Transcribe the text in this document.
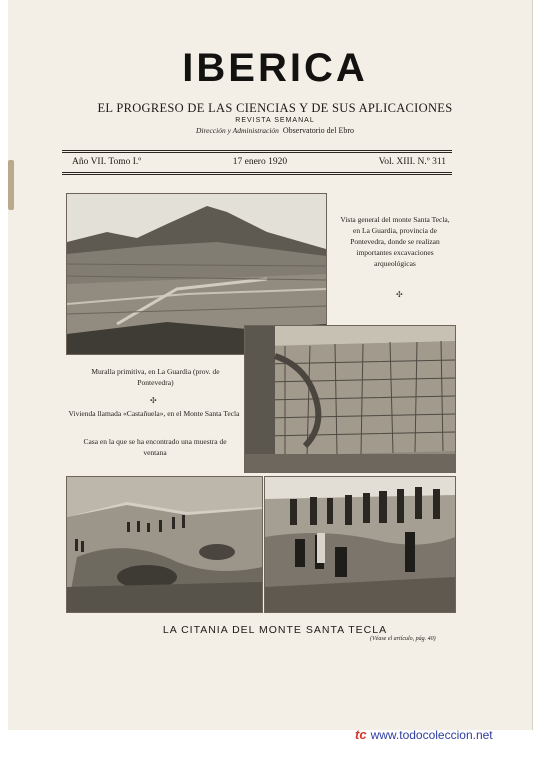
IBERICA
EL PROGRESO DE LAS CIENCIAS Y DE SUS APLICACIONES
REVISTA SEMANAL
Dirección y Administración Observatorio del Ebro
Año VII. Tomo I.º	17 enero 1920	Vol. XIII. N.º 311
Vista general del monte Santa Tecla, en La Guardia, provincia de Pontevedra, donde se realizan importantes excavaciones arqueológicas
✣
Muralla primitiva, en La Guardia (prov. de Pontevedra)
✣
Vivienda llamada «Castañuela», en el Monte Santa Tecla
Casa en la que se ha encontrado una muestra de ventana
LA CITANIA DEL MONTE SANTA TECLA
(Véase el artículo, pág. 40)
tc www.todocoleccion.net
